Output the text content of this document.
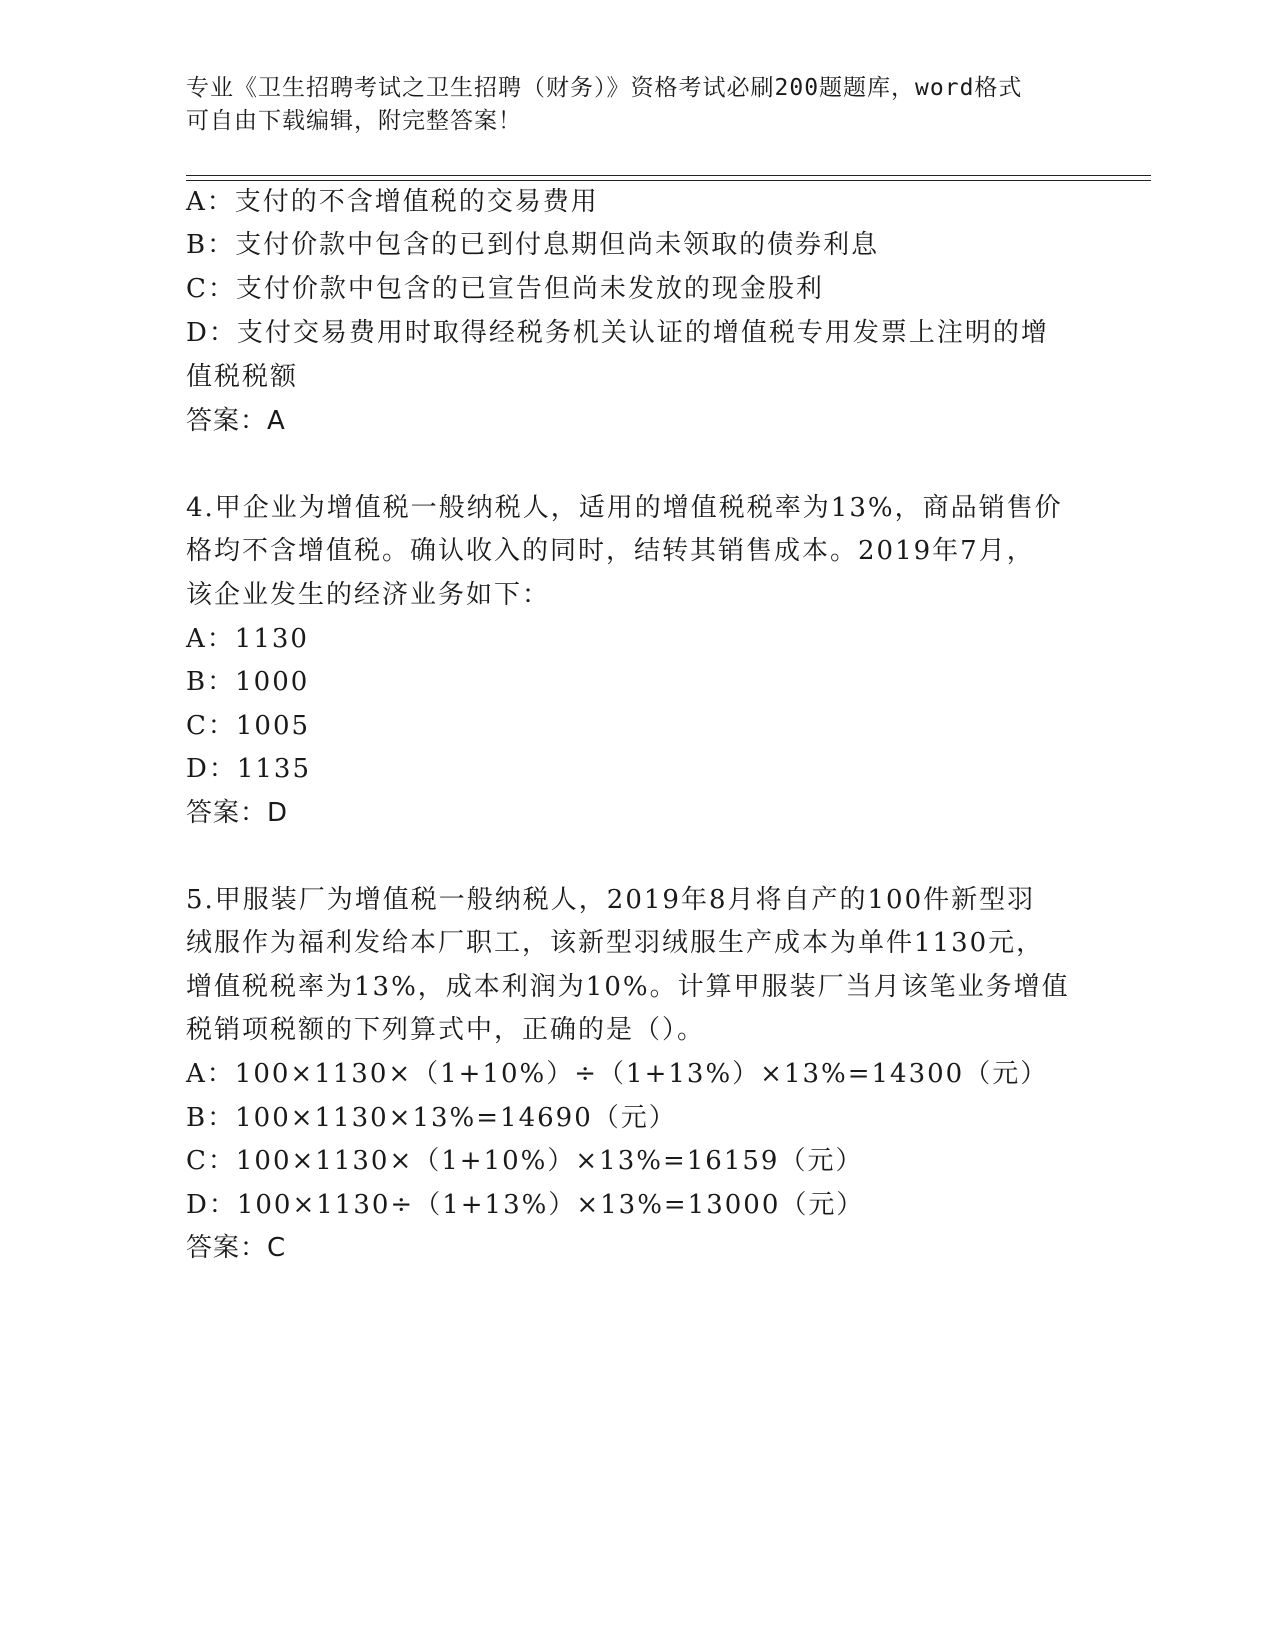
专业《卫生招聘考试之卫生招聘（财务）》资格考试必刷200题题库，word格式
可自由下载编辑，附完整答案！
A：支付的不含增值税的交易费用
B：支付价款中包含的已到付息期但尚未领取的债券利息
C：支付价款中包含的已宣告但尚未发放的现金股利
D：支付交易费用时取得经税务机关认证的增值税专用发票上注明的增
值税税额
答案：A
4.甲企业为增值税一般纳税人，适用的增值税税率为13%，商品销售价
格均不含增值税。确认收入的同时，结转其销售成本。2019年7月，
该企业发生的经济业务如下：
A：1130
B：1000
C：1005
D：1135
答案：D
5.甲服装厂为增值税一般纳税人，2019年8月将自产的100件新型羽
绒服作为福利发给本厂职工，该新型羽绒服生产成本为单件1130元，
增值税税率为13%，成本利润为10%。计算甲服装厂当月该笔业务增值
税销项税额的下列算式中，正确的是（）。
A：100×1130×（1+10%）÷（1+13%）×13%=14300（元）
B：100×1130×13%=14690（元）
C：100×1130×（1+10%）×13%=16159（元）
D：100×1130÷（1+13%）×13%=13000（元）
答案：C
